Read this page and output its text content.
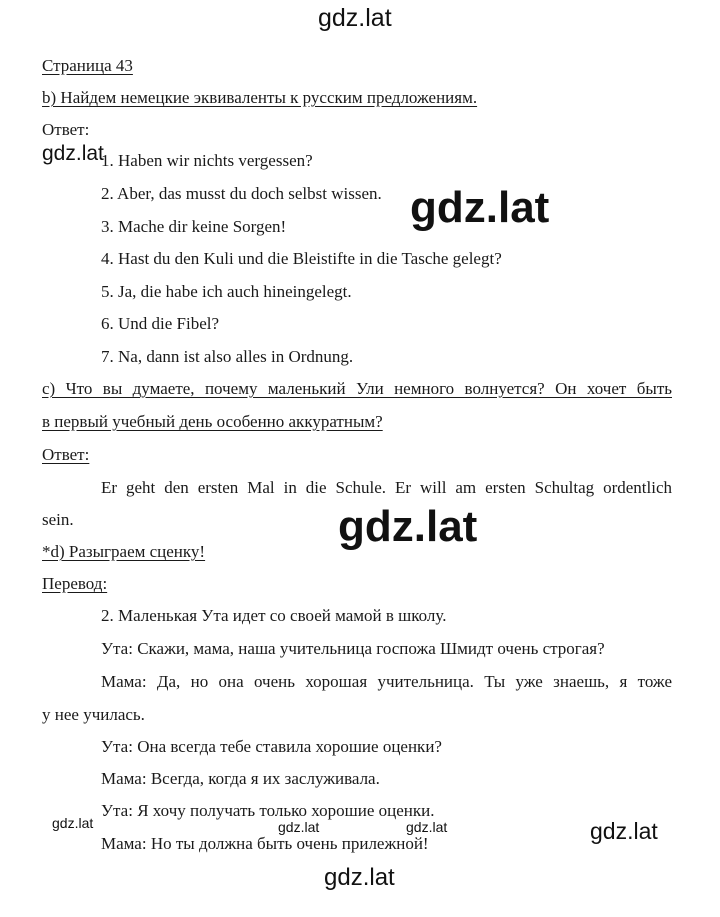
gdz.lat
Страница 43
b) Найдем немецкие эквиваленты к русским предложениям.
Ответ:
1. Haben wir nichts vergessen?
2. Aber, das musst du doch selbst wissen.
3. Mache dir keine Sorgen!
4. Hast du den Kuli und die Bleistifte in die Tasche gelegt?
5. Ja, die habe ich auch hineingelegt.
6. Und die Fibel?
7. Na, dann ist also alles in Ordnung.
с) Что вы думаете, почему маленький Ули немного волнуется? Он хочет быть
в первый учебный день особенно аккуратным?
Ответ:
Er geht den ersten Mal in die Schule. Er will am ersten Schultag ordentlich
sein.
*d) Разыграем сценку!
Перевод:
2. Маленькая Ута идет со своей мамой в школу.
Ута: Скажи, мама, наша учительница госпожа Шмидт очень строгая?
Мама: Да, но она очень хорошая учительница. Ты уже знаешь, я тоже
у нее училась.
Ута: Она всегда тебе ставила хорошие оценки?
Мама: Всегда, когда я их заслуживала.
Ута: Я хочу получать только хорошие оценки.
Мама: Но ты должна быть очень прилежной!
gdz.lat
gdz.lat
gdz.lat
gdz.lat	gdz.lat	gdz.lat	gdz.lat
gdz.lat
